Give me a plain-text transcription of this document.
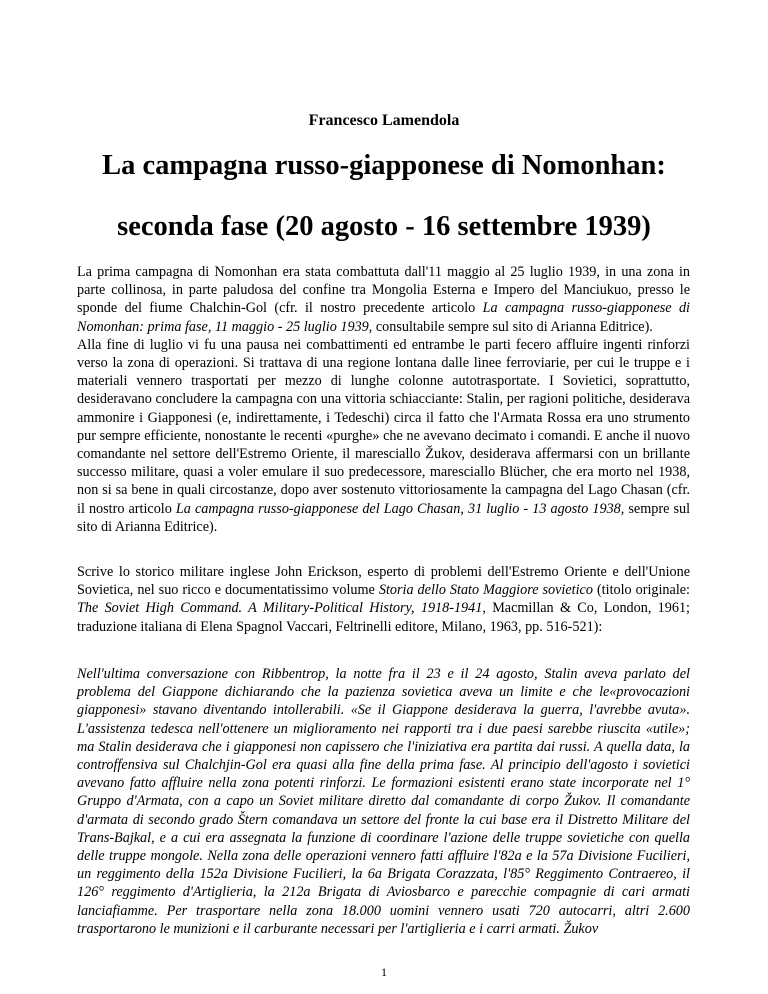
Francesco Lamendola
La campagna russo-giapponese di Nomonhan:
seconda fase (20 agosto - 16 settembre 1939)

La prima campagna di Nomonhan era stata combattuta dall'11 maggio al 25 luglio 1939, in una zona in parte collinosa, in parte paludosa del confine tra Mongolia Esterna e Impero del Manciukuo, presso le sponde del fiume Chalchin-Gol (cfr. il nostro precedente articolo La campagna russo-giapponese di Nomonhan: prima fase, 11 maggio - 25 luglio 1939, consultabile sempre sul sito di Arianna Editrice).

Alla fine di luglio vi fu una pausa nei combattimenti ed entrambe le parti fecero affluire ingenti rinforzi verso la zona di operazioni. Si trattava di una regione lontana dalle linee ferroviarie, per cui le truppe e i materiali vennero trasportati per mezzo di lunghe colonne autotrasportate. I Sovietici, soprattutto, desideravano concludere la campagna con una vittoria schiacciante: Stalin, per ragioni politiche, desiderava ammonire i Giapponesi (e, indirettamente, i Tedeschi) circa il fatto che l'Armata Rossa era uno strumento pur sempre efficiente, nonostante le recenti «purghe» che ne avevano decimato i comandi. E anche il nuovo comandante nel settore dell'Estremo Oriente, il maresciallo Žukov, desiderava affermarsi con un brillante successo militare, quasi a voler emulare il suo predecessore, maresciallo Blücher, che era morto nel 1938, non si sa bene in quali circostanze, dopo aver sostenuto vittoriosamente la campagna del Lago Chasan (cfr. il nostro articolo La campagna russo-giapponese del Lago Chasan, 31 luglio - 13 agosto 1938, sempre sul sito di Arianna Editrice).

Scrive lo storico militare inglese John Erickson, esperto di problemi dell'Estremo Oriente e dell'Unione Sovietica, nel suo ricco e documentatissimo volume Storia dello Stato Maggiore sovietico (titolo originale: The Soviet High Command. A Military-Political History, 1918-1941, Macmillan & Co, London, 1961; traduzione italiana di Elena Spagnol Vaccari, Feltrinelli editore, Milano, 1963, pp. 516-521):

Nell'ultima conversazione con Ribbentrop, la notte fra il 23 e il 24 agosto, Stalin aveva parlato del problema del Giappone dichiarando che la pazienza sovietica aveva un limite e che le«provocazioni giapponesi» stavano diventando intollerabili. «Se il Giappone desiderava la guerra, l'avrebbe avuta». L'assistenza tedesca nell'ottenere un miglioramento nei rapporti tra i due paesi sarebbe riuscita «utile»; ma Stalin desiderava che i giapponesi non capissero che l'iniziativa era partita dai russi. A quella data, la controffensiva sul Chalchjin-Gol era quasi alla fine della prima fase. Al principio dell'agosto i sovietici avevano fatto affluire nella zona potenti rinforzi. Le formazioni esistenti erano state incorporate nel 1° Gruppo d'Armata, con a capo un Soviet militare diretto dal comandante di corpo Žukov. Il comandante d'armata di secondo grado Štern comandava un settore del fronte la cui base era il Distretto Militare del Trans-Bajkal, e a cui era assegnata la funzione di coordinare l'azione delle truppe sovietiche con quella delle truppe mongole. Nella zona delle operazioni vennero fatti affluire l'82a e la 57a Divisione Fucilieri, un reggimento della 152a Divisione Fucilieri, la 6a Brigata Corazzata, l'85° Reggimento Contraereo, il 126° reggimento d'Artiglieria, la 212a Brigata di Aviosbarco e parecchie compagnie di cari armati lanciafiamme. Per trasportare nella zona 18.000 uomini vennero usati 720 autocarri, altri 2.600 trasportarono le munizioni e il carburante necessari per l'artiglieria e i carri armati. Žukov

1
